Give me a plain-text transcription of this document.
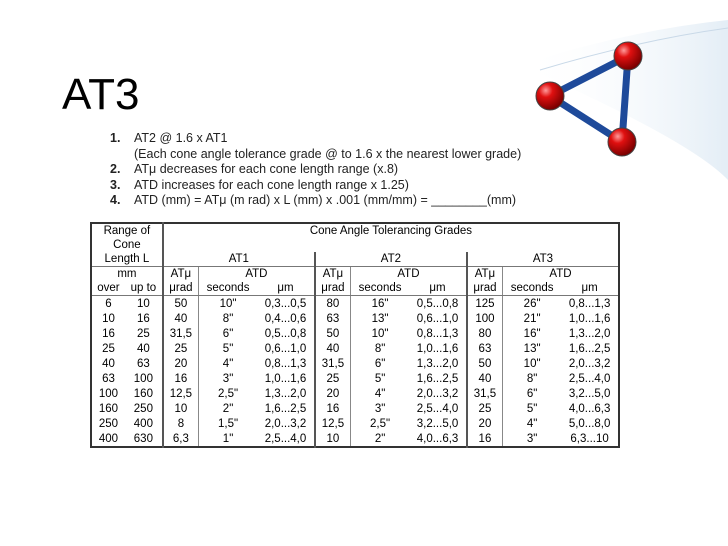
AT3
1.	AT2 @ 1.6 x AT1
(Each cone angle tolerance grade @ to 1.6 x the nearest lower grade)
2.	ATμ decreases for each cone length range (x.8)
3.	ATD increases for each cone length range x 1.25)
4.	ATD (mm) = ATμ (m rad) x L (mm) x .001 (mm/mm) = ________(mm)
Range of		Cone Angle Tolerancing Grades								
Cone										
Length L		AT1			AT2			AT3		
mm		ATμ	ATD		ATμ	ATD		ATμ	ATD	
over	up to	μrad	seconds	μm	μrad	seconds	μm	μrad	seconds	μm
6	10	50	10"	0,3...0,5	80	16"	0,5...0,8	125	26"	0,8...1,3
10	16	40	8"	0,4...0,6	63	13"	0,6...1,0	100	21"	1,0...1,6
16	25	31,5	6"	0,5...0,8	50	10"	0,8...1,3	80	16"	1,3...2,0
25	40	25	5"	0,6...1,0	40	8"	1,0...1,6	63	13"	1,6...2,5
40	63	20	4"	0,8...1,3	31,5	6"	1,3...2,0	50	10"	2,0...3,2
63	100	16	3"	1,0...1,6	25	5"	1,6...2,5	40	8"	2,5...4,0
100	160	12,5	2,5"	1,3...2,0	20	4"	2,0...3,2	31,5	6"	3,2...5,0
160	250	10	2"	1,6...2,5	16	3"	2,5...4,0	25	5"	4,0...6,3
250	400	8	1,5"	2,0...3,2	12,5	2,5"	3,2...5,0	20	4"	5,0...8,0
400	630	6,3	1"	2,5...4,0	10	2"	4,0...6,3	16	3"	6,3...10
